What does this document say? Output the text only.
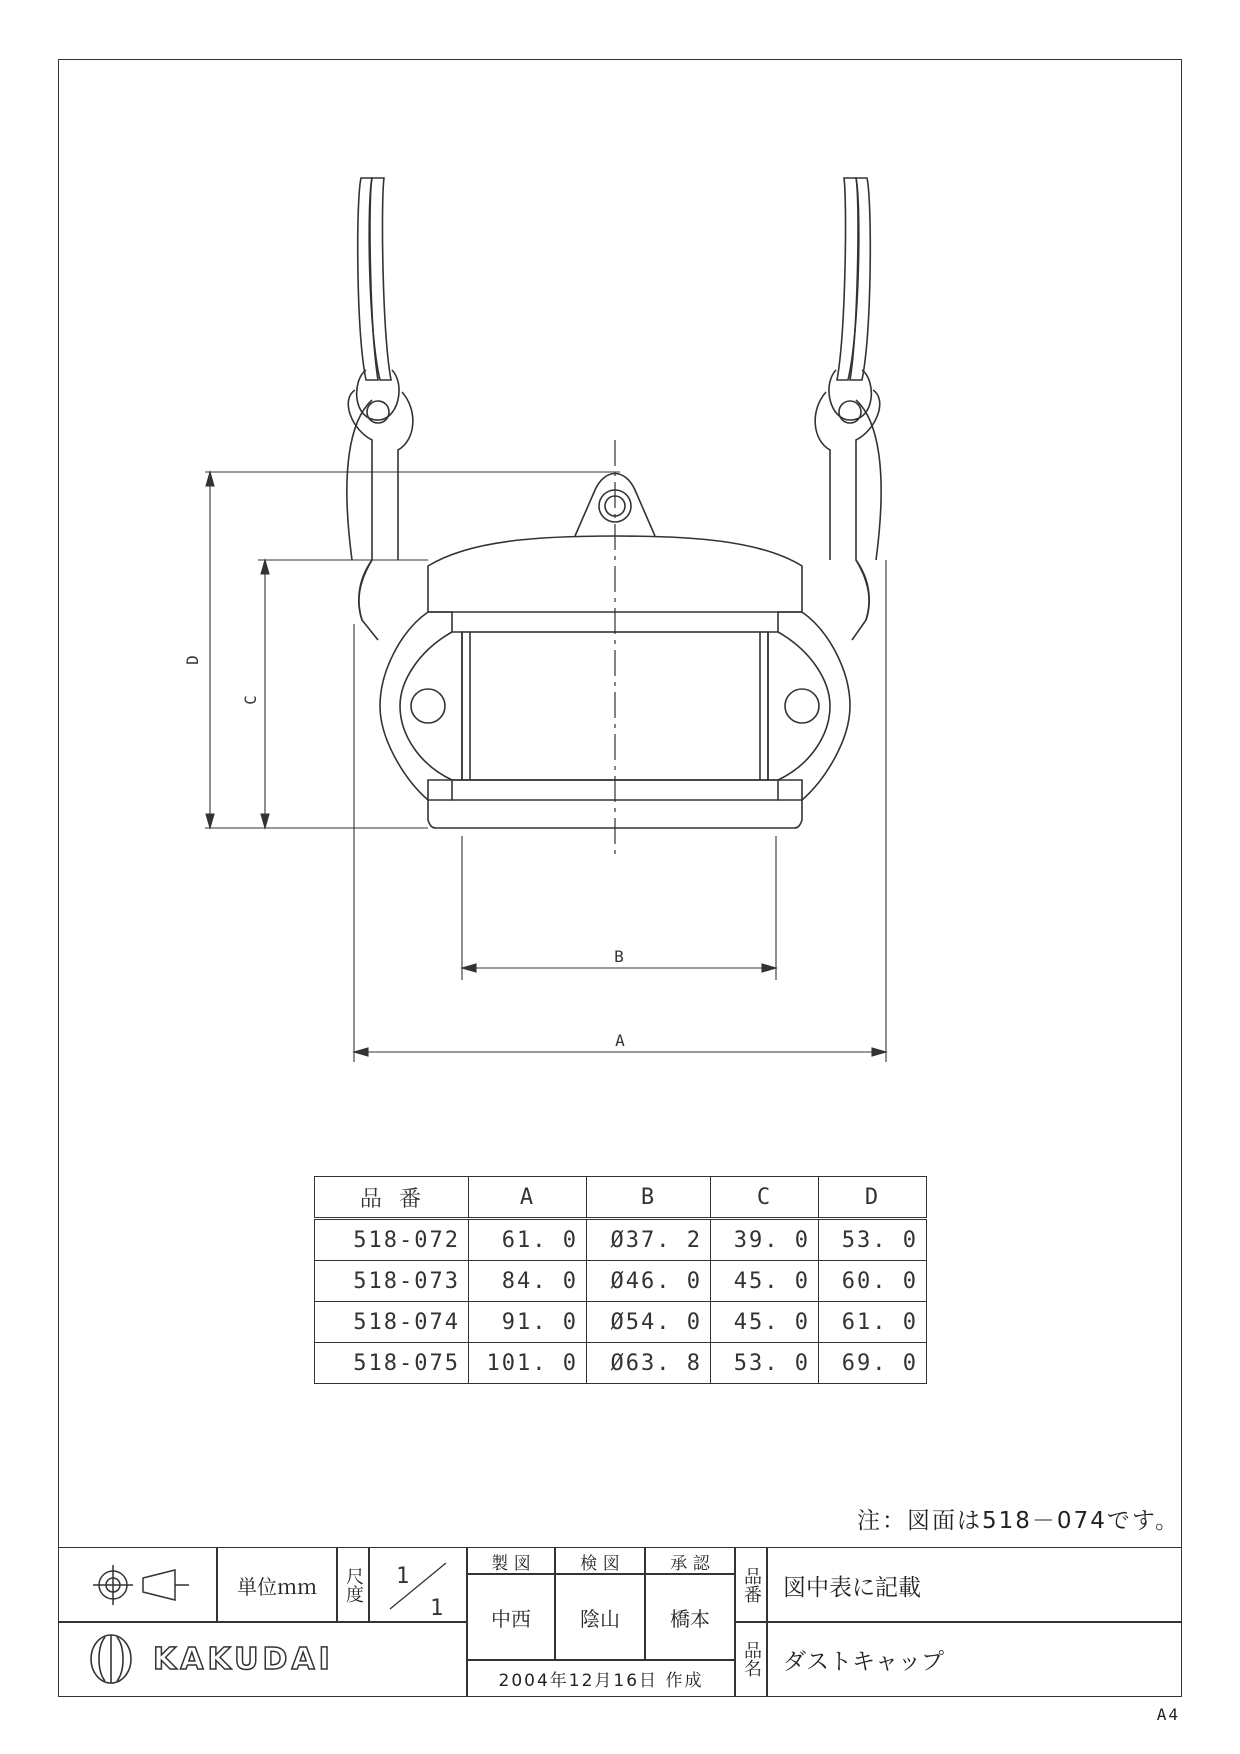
D
C
B
A
品 番	A	B	C	D
518-072	61. 0	Ø37. 2	39. 0	53. 0
518-073	84. 0	Ø46. 0	45. 0	60. 0
518-074	91. 0	Ø54. 0	45. 0	61. 0
518-075	101. 0	Ø63. 8	53. 0	69. 0
注：図面は518－074です。
単位ｍｍ	尺度 1
1
製 図	検 図	承 認
中西	陰山	橋本
品番 図中表に記載
KAKUDAI
2004年12月16日 作成
品名 ダストキャップ
A4
